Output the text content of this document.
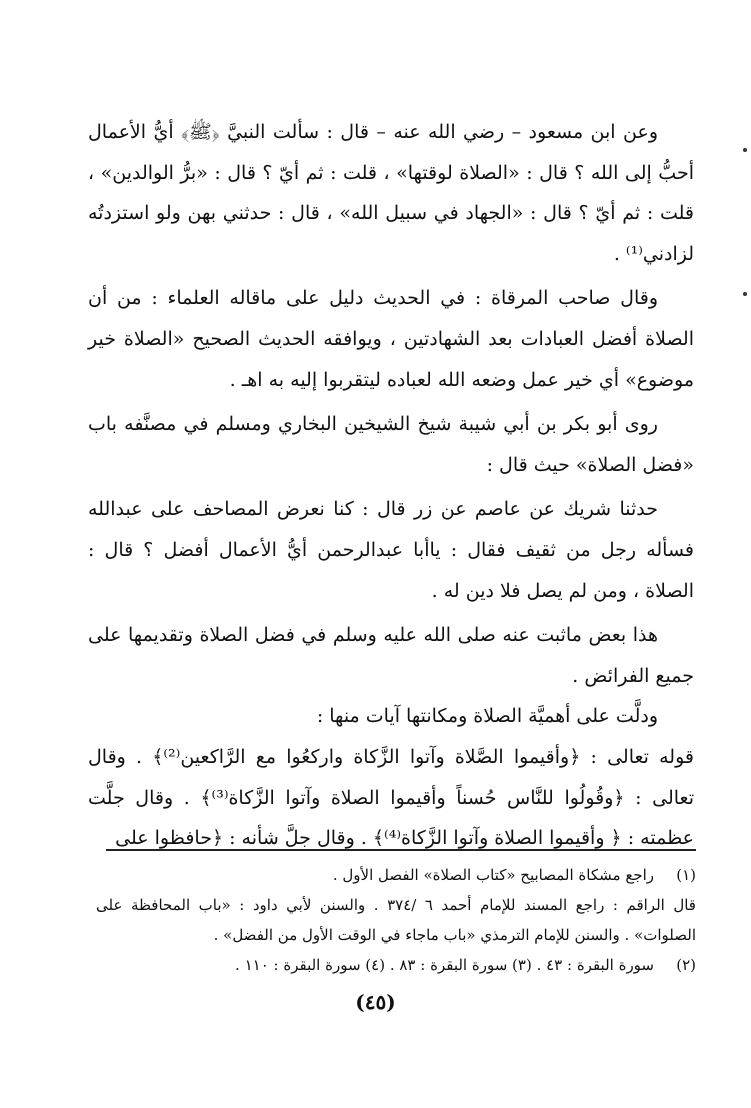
وعن ابن مسعود – رضي الله عنه – قال : سألت النبيَّ ﴿ﷺ﴾ أيُّ الأعمال أحبُّ إلى الله ؟ قال : «الصلاة لوقتها» ، قلت : ثم أيّ ؟ قال : «برُّ الوالدين» ، قلت : ثم أيّ ؟ قال : «الجهاد في سبيل الله» ، قال : حدثني بهن ولو استزدتُه لزادني⁽¹⁾ .

وقال صاحب المرقاة : في الحديث دليل على ماقاله العلماء : من أن الصلاة أفضل العبادات بعد الشهادتين ، ويوافقه الحديث الصحيح «الصلاة خير موضوع» أي خير عمل وضعه الله لعباده ليتقربوا إليه به اهـ .

روى أبو بكر بن أبي شيبة شيخ الشيخين البخاري ومسلم في مصنَّفه باب «فضل الصلاة» حيث قال :

حدثنا شريك عن عاصم عن زر قال : كنا نعرض المصاحف على عبدالله فسأله رجل من ثقيف فقال : ياأبا عبدالرحمن أيُّ الأعمال أفضل ؟ قال : الصلاة ، ومن لم يصل فلا دين له .

هذا بعض ماثبت عنه صلى الله عليه وسلم في فضل الصلاة وتقديمها على جميع الفرائض .

ودلَّت على أهميَّة الصلاة ومكانتها آيات منها :

قوله تعالى : ﴿وأقيموا الصَّلاة وآتوا الزَّكاة واركعُوا مع الرَّاكعين⁽²⁾﴾ . وقال تعالى : ﴿وقُولُوا للنَّاس حُسناً وأقيموا الصلاة وآتوا الزَّكاة⁽³⁾﴾ . وقال جلَّت عظمته : ﴿ وأقيموا الصلاة وآتوا الزَّكاة⁽⁴⁾﴾ . وقال جلَّ شأنه : ﴿حافظوا على

(١)
راجع مشكاة المصابيح «كتاب الصلاة» الفصل الأول .

قال الراقم : راجع المسند للإمام أحمد ٦ /٣٧٤ . والسنن لأبي داود : «باب المحافظة على الصلوات» . والسنن للإمام الترمذي «باب ماجاء في الوقت الأول من الفضل» .

(٢)
سورة البقرة : ٤٣ . (٣) سورة البقرة : ٨٣ . (٤) سورة البقرة : ١١٠ .
(٤٥)
